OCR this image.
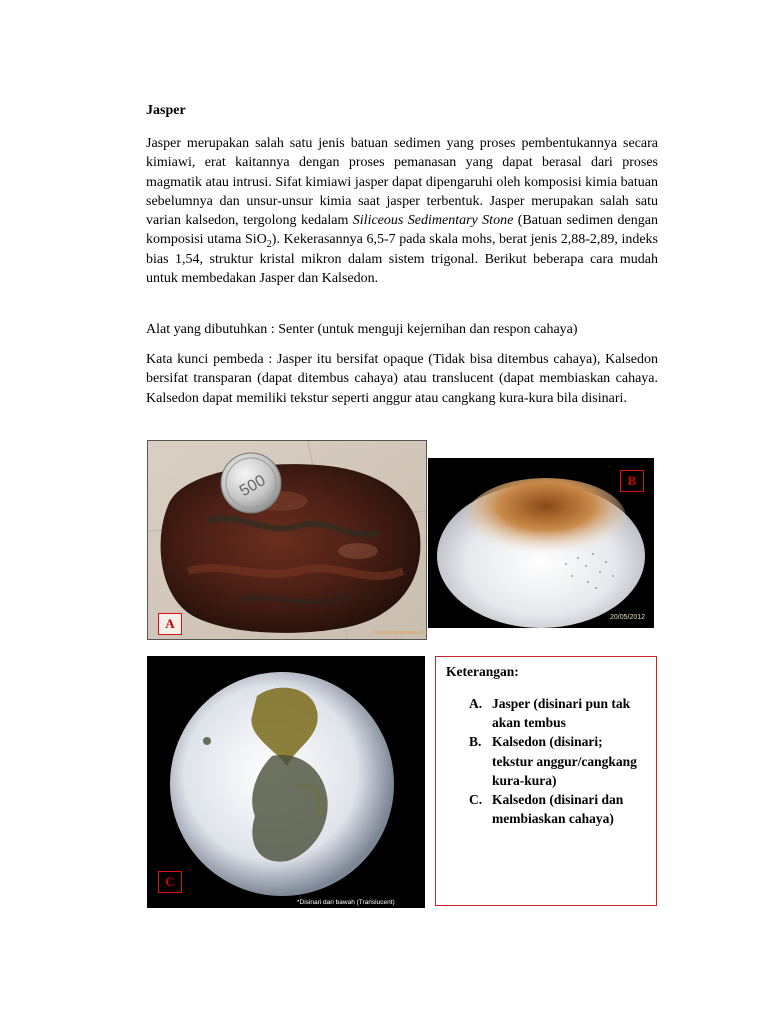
Jasper
Jasper merupakan salah satu jenis batuan sedimen yang proses pembentukannya secara kimiawi, erat kaitannya dengan proses pemanasan yang dapat berasal dari proses magmatik atau intrusi. Sifat kimiawi jasper dapat dipengaruhi oleh komposisi kimia batuan sebelumnya dan unsur-unsur kimia saat jasper terbentuk. Jasper merupakan salah satu varian kalsedon, tergolong kedalam Siliceous Sedimentary Stone (Batuan sedimen dengan komposisi utama SiO$_2$). Kekerasannya 6,5-7 pada skala mohs, berat jenis 2,88-2,89, indeks bias 1,54, struktur kristal mikron dalam sistem trigonal. Berikut beberapa cara mudah untuk membedakan Jasper dan Kalsedon.
Alat yang dibutuhkan : Senter (untuk menguji kejernihan dan respon cahaya)
Kata kunci pembeda : Jasper itu bersifat opaque (Tidak bisa ditembus cahaya), Kalsedon bersifat transparan (dapat ditembus cahaya) atau translucent (dapat membiaskan cahaya. Kalsedon dapat memiliki tekstur seperti anggur atau cangkang kura-kura bila disinari.
500
kumbolmanampun.com
A	20/05/2012
B
*Disinari dari bawah (Translucent)
C
Keterangan:
A. Jasper (disinari pun tak akan tembus
B. Kalsedon (disinari; tekstur anggur/cangkang kura-kura)
C. Kalsedon (disinari dan membiaskan cahaya)
